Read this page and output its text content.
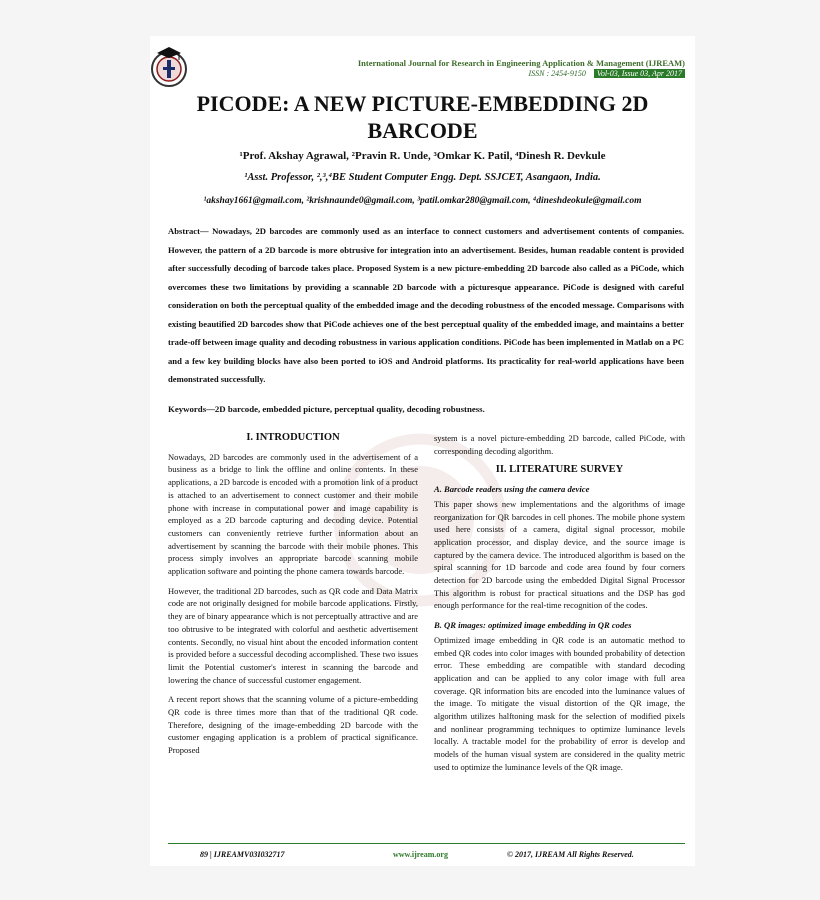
International Journal for Research in Engineering Application & Management (IJREAM)
ISSN : 2454-9150 Vol-03, Issue 03, Apr 2017
PICODE: A NEW PICTURE-EMBEDDING 2D BARCODE
¹Prof. Akshay Agrawal, ²Pravin R. Unde, ³Omkar K. Patil, ⁴Dinesh R. Devkule
¹Asst. Professor, ²,³,⁴BE Student Computer Engg. Dept. SSJCET, Asangaon, India.
¹akshay1661@gmail.com, ²krishnaunde0@gmail.com, ³patil.omkar280@gmail.com, ⁴dineshdeokule@gmail.com
Abstract— Nowadays, 2D barcodes are commonly used as an interface to connect customers and advertisement contents of companies. However, the pattern of a 2D barcode is more obtrusive for integration into an advertisement. Besides, human readable content is provided after successfully decoding of barcode takes place. Proposed System is a new picture-embedding 2D barcode also called as a PiCode, which overcomes these two limitations by providing a scannable 2D barcode with a picturesque appearance. PiCode is designed with careful consideration on both the perceptual quality of the embedded image and the decoding robustness of the encoded message. Comparisons with existing beautified 2D barcodes show that PiCode achieves one of the best perceptual quality of the embedded image, and maintains a better trade-off between image quality and decoding robustness in various application conditions. PiCode has been implemented in Matlab on a PC and a few key building blocks have also been ported to iOS and Android platforms. Its practicality for real-world applications have been demonstrated successfully.
Keywords—2D barcode, embedded picture, perceptual quality, decoding robustness.
I. INTRODUCTION

Nowadays, 2D barcodes are commonly used in the advertisement of a business as a bridge to link the offline and online contents. In these applications, a 2D barcode is encoded with a promotion link of a product is attached to an advertisement to connect customer and their mobile phone with increase in computational power and image capability is employed as a 2D barcode capturing and decoding device. Potential customers can conveniently retrieve further information about an advertisement by scanning the barcode with their mobile phones. This process simply involves an appropriate barcode scanning mobile application software and pointing the phone camera towards barcode.

However, the traditional 2D barcodes, such as QR code and Data Matrix code are not originally designed for mobile barcode applications. Firstly, they are of binary appearance which is not perceptually attractive and are too obtrusive to be integrated with colorful and aesthetic advertisement contents. Secondly, no visual hint about the encoded information content is provided before a successful decoding accomplished. These two issues limit the Potential customer's interest in scanning the barcode and lowering the chance of successful customer engagement.

A recent report shows that the scanning volume of a picture-embedding QR code is three times more than that of the traditional QR code. Therefore, designing of the image-embedding 2D barcode with the customer engaging application is a problem of practical significance. Proposed

system is a novel picture-embedding 2D barcode, called PiCode, with corresponding decoding algorithm.

II. LITERATURE SURVEY
A. Barcode readers using the camera device

This paper shows new implementations and the algorithms of image reorganization for QR barcodes in cell phones. The mobile phone system used here consists of a camera, digital signal processor, mobile application processor, and display device, and the source image is captured by the camera device. The introduced algorithm is based on the spiral scanning for 1D barcode and code area found by four corners detection for 2D barcode using the embedded Digital Signal Processor This algorithm is robust for practical situations and the DSP has god enough performance for the real-time recognition of the codes.

B. QR images: optimized image embedding in QR codes

Optimized image embedding in QR code is an automatic method to embed QR codes into color images with bounded probability of detection error. These embedding are compatible with standard decoding application and can be applied to any color image with full area coverage. QR information bits are encoded into the luminance values of the image. To mitigate the visual distortion of the QR image, the algorithm utilizes halftoning mask for the selection of modified pixels and nonlinear programming techniques to optimize luminance levels locally. A tractable model for the probability of error is develop and models of the human visual system are considered in the quality metric used to optimize the luminance levels of the QR image.

89 | IJREAMV03I032717	www.ijream.org	© 2017, IJREAM All Rights Reserved.
